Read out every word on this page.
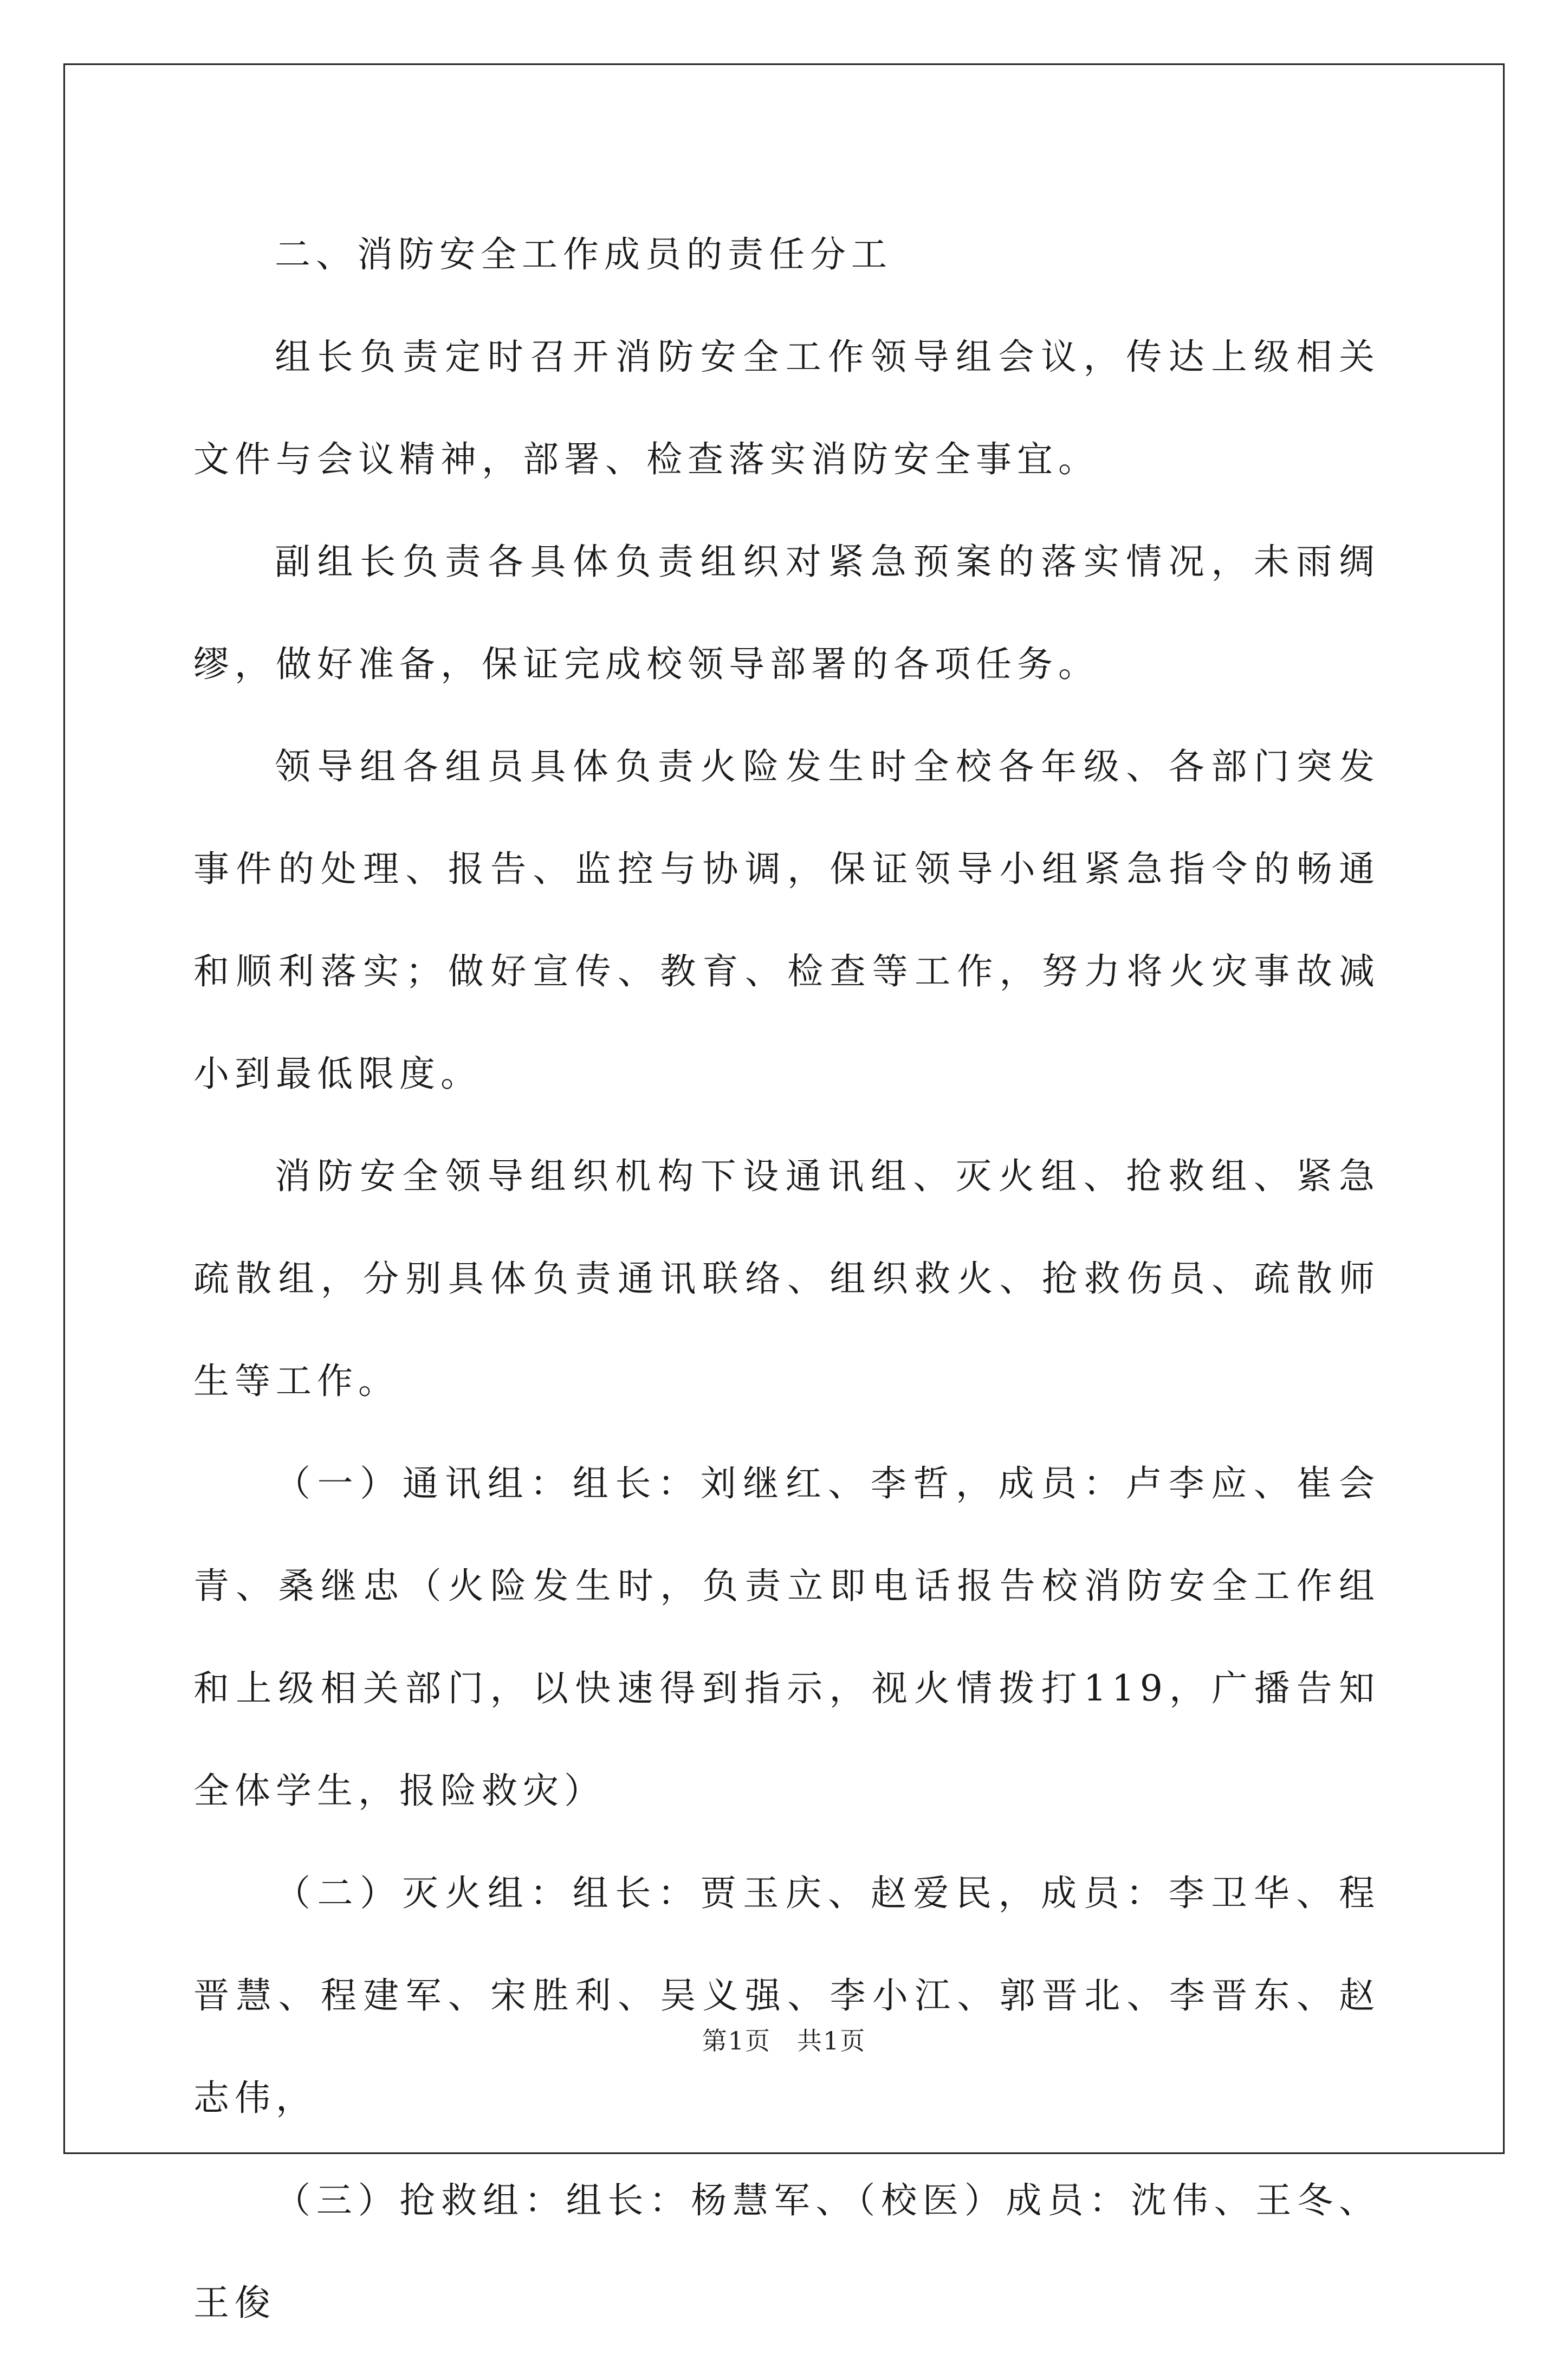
二、消防安全工作成员的责任分工

组长负责定时召开消防安全工作领导组会议，传达上级相关文件与会议精神，部署、检查落实消防安全事宜。

副组长负责各具体负责组织对紧急预案的落实情况，未雨绸缪，做好准备，保证完成校领导部署的各项任务。

领导组各组员具体负责火险发生时全校各年级、各部门突发事件的处理、报告、监控与协调，保证领导小组紧急指令的畅通和顺利落实；做好宣传、教育、检查等工作，努力将火灾事故减小到最低限度。

消防安全领导组织机构下设通讯组、灭火组、抢救组、紧急疏散组，分别具体负责通讯联络、组织救火、抢救伤员、疏散师生等工作。

（一）通讯组：组长：刘继红、李哲，成员：卢李应、崔会青、桑继忠（火险发生时，负责立即电话报告校消防安全工作组和上级相关部门，以快速得到指示，视火情拨打119，广播告知全体学生，报险救灾）

（二）灭火组：组长：贾玉庆、赵爱民，成员：李卫华、程晋慧、程建军、宋胜利、吴义强、李小江、郭晋北、李晋东、赵志伟，

（三）抢救组：组长：杨慧军、（校医）成员：沈伟、王冬、王俊

第1页　共1页
